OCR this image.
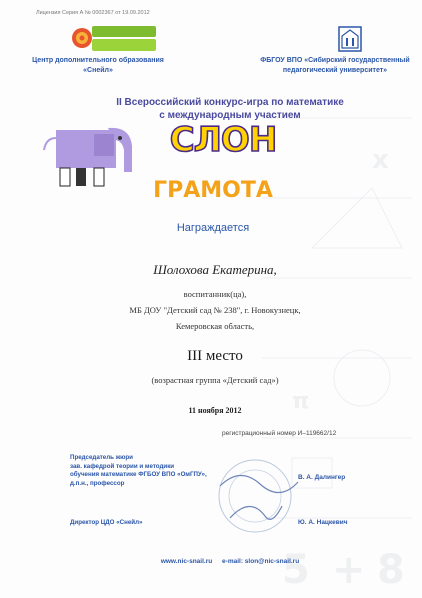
5 + 8
x
π
Лицензия Серия А № 0002367 от 19.09.2012
Центр дополнительного образования
«Снейл»
ФБГОУ ВПО «Сибирский государственный
педагогический университет»
II Всероссийский конкурс-игра по математике
с международным участием
СЛОН
ГРАМОТА
Награждается
Шолохова Екатерина,
воспитанник(ца),
МБ ДОУ "Детский сад № 238", г. Новокузнецк,
Кемеровская область,
III место
(возрастная группа «Детский сад»)
11 ноября 2012
регистрационный номер И–119662/12
Председатель жюри
зав. кафедрой теории и методики
обучения математике ФГБОУ ВПО «ОмГПУ»,
д.п.н., профессор
В. А. Далингер
Директор ЦДО «Снейл»	Ю. А. Нацкевич
www.nic-snail.ru e-mail: slon@nic-snail.ru
